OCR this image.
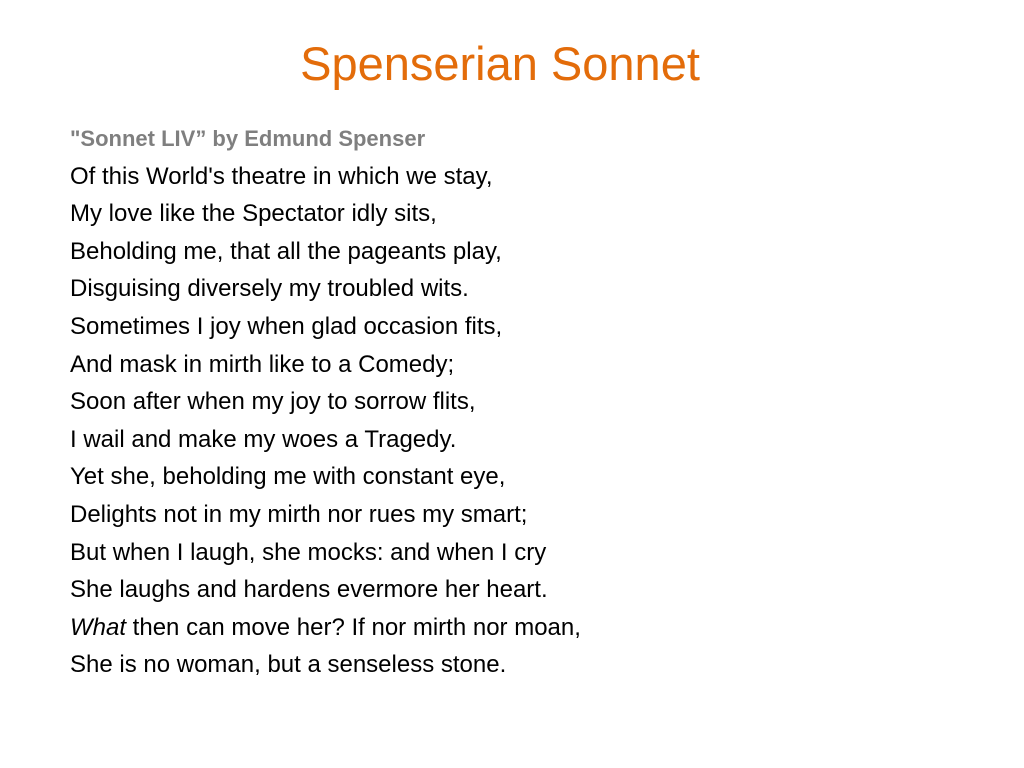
Spenserian Sonnet
"Sonnet LIV” by Edmund Spenser
Of this World's theatre in which we stay,
My love like the Spectator idly sits,
Beholding me, that all the pageants play,
Disguising diversely my troubled wits.
Sometimes I joy when glad occasion fits,
And mask in mirth like to a Comedy;
Soon after when my joy to sorrow flits,
I wail and make my woes a Tragedy.
Yet she, beholding me with constant eye,
Delights not in my mirth nor rues my smart;
But when I laugh, she mocks: and when I cry
She laughs and hardens evermore her heart.
What then can move her? If nor mirth nor moan,
She is no woman, but a senseless stone.
